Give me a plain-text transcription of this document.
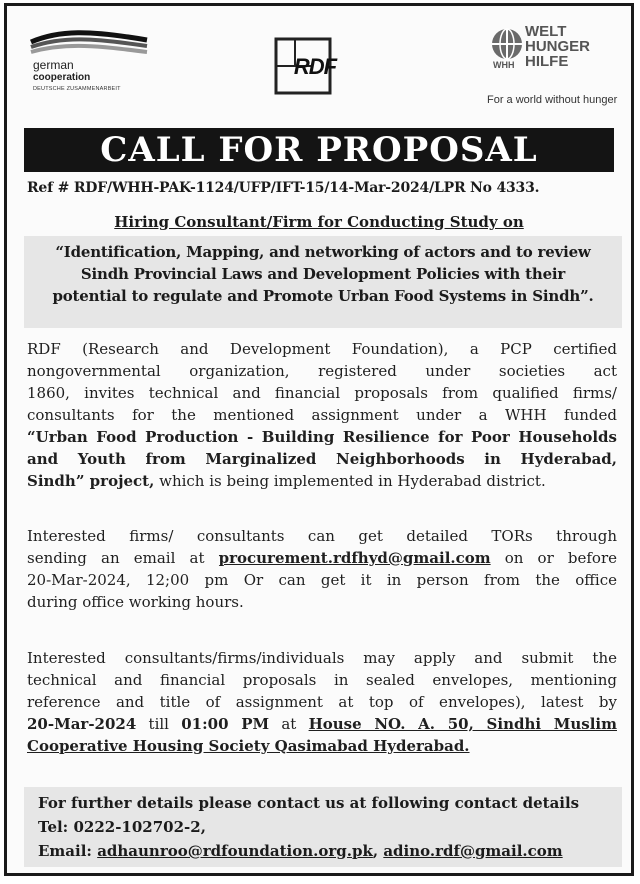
german
cooperation
DEUTSCHE ZUSAMMENARBEIT
RDF
WELT
HUNGER
HILFE
WHH
For a world without hunger
CALL FOR PROPOSAL
Ref # RDF/WHH-PAK-1124/UFP/IFT-15/14-Mar-2024/LPR No 4333.
Hiring Consultant/Firm for Conducting Study on
“Identification, Mapping, and networking of actors and to review
Sindh Provincial Laws and Development Policies with their
potential to regulate and Promote Urban Food Systems in Sindh”.
RDF (Research and Development Foundation), a PCP certified
nongovernmental organization, registered under societies act
1860, invites technical and financial proposals from qualified firms/
consultants for the mentioned assignment under a WHH funded
“Urban Food Production - Building Resilience for Poor Households
and Youth from Marginalized Neighborhoods in Hyderabad,
Sindh” project, which is being implemented in Hyderabad district.
Interested firms/ consultants can get detailed TORs through
sending an email at procurement.rdfhyd@gmail.com on or before
20-Mar-2024, 12;00 pm Or can get it in person from the office
during office working hours.
Interested consultants/firms/individuals may apply and submit the
technical and financial proposals in sealed envelopes, mentioning
reference and title of assignment at top of envelopes), latest by
20-Mar-2024 till 01:00 PM at House NO. A. 50, Sindhi Muslim
Cooperative Housing Society Qasimabad Hyderabad.
For further details please contact us at following contact details
Tel: 0222-102702-2,
Email: adhaunroo@rdfoundation.org.pk, adino.rdf@gmail.com
